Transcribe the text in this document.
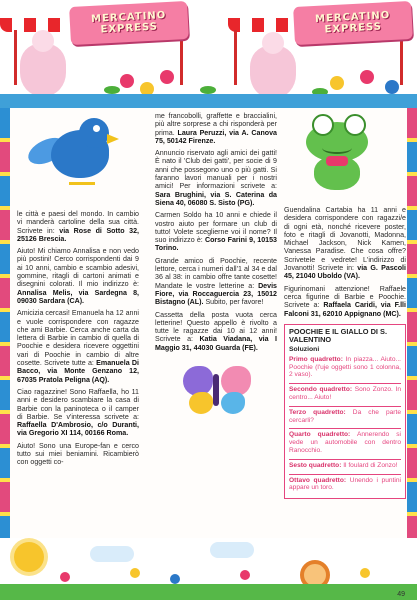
MERCATINO
EXPRESS
MERCATINO
EXPRESS

le città e paesi del mondo. In cambio vi manderà cartoline della sua città. Scrivete in: via Rose di Sotto 32, 25126 Brescia.

Aiuto! Mi chiamo Annalisa e non vedo più postini! Cerco corrispondenti dai 9 ai 10 anni, cambio e scambio adesivi, gommine, ritagli di cartoni animati e disegnini colorati. Il mio indirizzo è: Annalisa Melis, via Sardegna 8, 09030 Sardara (CA).

Amicizia cercasi! Emanuela ha 12 anni e vuole corrispondere con ragazze che ami Barbie. Cerca anche carta da lettera di Barbie in cambio di quella di Poochie e desidera ricevere oggettini vari di Poochie in cambio di altre cosette. Scrivete tutte a: Emanuela Di Bacco, via Monte Genzano 12, 67035 Pratola Peligna (AQ).

Ciao ragazzine! Sono Raffaella, ho 11 anni e desidero scambiare la casa di Barbie con la paninoteca o il camper di Barbie. Se v'interessa scrivete a: Raffaella D'Ambrosio, c/o Duranti, via Gregorio XI 114, 00166 Roma.

Aiuto! Sono una Europe-fan e cerco tutto sui miei beniamini. Ricambierò con oggetti co-

me francobolli, graffette e braccialini, più altre sorprese a chi risponderà per prima. Laura Peruzzi, via A. Canova 75, 50142 Firenze.

Annuncio riservato agli amici dei gatti! È nato il 'Club dei gatti', per socie di 9 anni che possegono uno o più gatti. Si faranno lavori manuali per i nostri amici! Per informazioni scrivete a: Sara Brughini, via S. Caterina da Siena 40, 06080 S. Sisto (PG).

Carmen Soldo ha 10 anni e chiede il vostro aiuto per formare un club di tutto! Volete sceglierne voi il nome? Il suo indirizzo è: Corso Farini 9, 10153 Torino.

Grande amico di Poochie, recente lettore, cerca i numeri dall'1 al 34 e dal 36 al 38: in cambio offre tante cosette! Mandate le vostre letterine a: Devis Fiore, via Roccaguercia 23, 15012 Bistagno (AL). Subito, per favore!

Cassetta della posta vuota cerca letterine! Questo appello è rivolto a tutte le ragazze dai 10 ai 12 anni! Scrivete a: Katia Viadana, via I Maggio 31, 44030 Guarda (FE).

Guendalina Cartabia ha 11 anni e desidera corrispondere con ragazzi/e di ogni età, nonché ricevere poster, foto e ritagli di Jovanotti, Madonna, Michael Jackson, Nick Kamen, Vanessa Paradise. Che cosa offre? Scrivetele e vedrete! L'indirizzo di Jovanotti! Scrivete in: via G. Pascoli 45, 21040 Uboldo (VA).

Figurinomani attenzione! Raffaele cerca figurine di Barbie e Poochie. Scrivete a: Raffaela Caridi, via F.lli Falconi 31, 62010 Appignano (MC).

POOCHIE E IL GIALLO DI S. VALENTINO
Soluzioni

Primo quadretto: In piazza... Aiuto... Poochie (l'uje oggetti sono 1 colonna, 2 vaso).

Secondo quadretto: Sono Zonzo. In centro... Aiuto!

Terzo quadretto: Da che parte cercarli?

Quarto quadretto: Annerendo si vede un automobile con dentro Ranocchio.

Sesto quadretto: Il foulard di Zonzo!

Ottavo quadretto: Unendo i puntini appare un toro.

49
